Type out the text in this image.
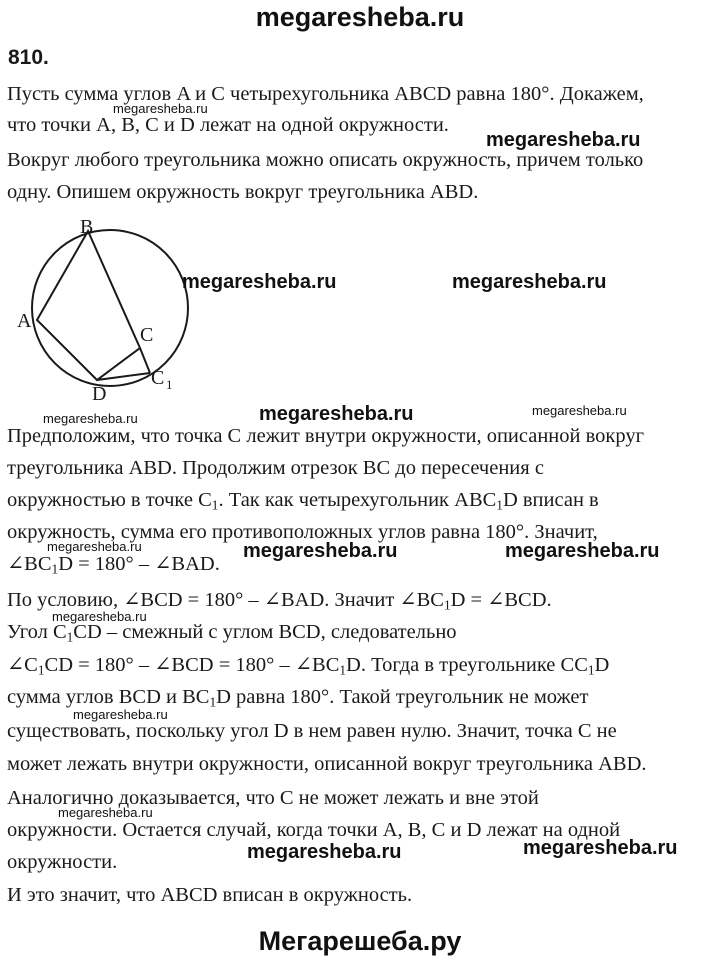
megaresheba.ru
810.
Пусть сумма углов A и C четырехугольника ABCD равна 180°. Докажем,
что точки A, B, C и D лежат на одной окружности.
Вокруг любого треугольника можно описать окружность, причем только
одну. Опишем окружность вокруг треугольника ABD.
B
A
C
C 1
D
Предположим, что точка C лежит внутри окружности, описанной вокруг
треугольника ABD. Продолжим отрезок BC до пересечения с
окружностью в точке $C_1$. Так как четырехугольник $ABC_1D$ вписан в
окружность, сумма его противоположных углов равна 180°. Значит,
$\angle BC_1D = 180^\circ$ – ∠BAD.
По условию, ∠BCD = 180° – ∠BAD. Значит $\angle BC_1D$ = ∠BCD.
Угол $C_1CD$ – смежный с углом BCD, следовательно
$\angle C_1CD = 180^\circ$ – ∠BCD = $180^\circ - \angle BC_1D$. Тогда в треугольнике $CC_1D$
сумма углов BCD и $BC_1D$ равна 180°. Такой треугольник не может
существовать, поскольку угол D в нем равен нулю. Значит, точка C не
может лежать внутри окружности, описанной вокруг треугольника ABD.
Аналогично доказывается, что C не может лежать и вне этой
окружности. Остается случай, когда точки A, B, C и D лежат на одной
окружности.
И это значит, что ABCD вписан в окружность.
megaresheba.ru
megaresheba.ru
megaresheba.ru	megaresheba.ru
megaresheba.ru	megaresheba.ru	megaresheba.ru
megaresheba.ru	megaresheba.ru	megaresheba.ru
megaresheba.ru
megaresheba.ru
megaresheba.ru
megaresheba.ru	megaresheba.ru
Мегарешеба.ру
